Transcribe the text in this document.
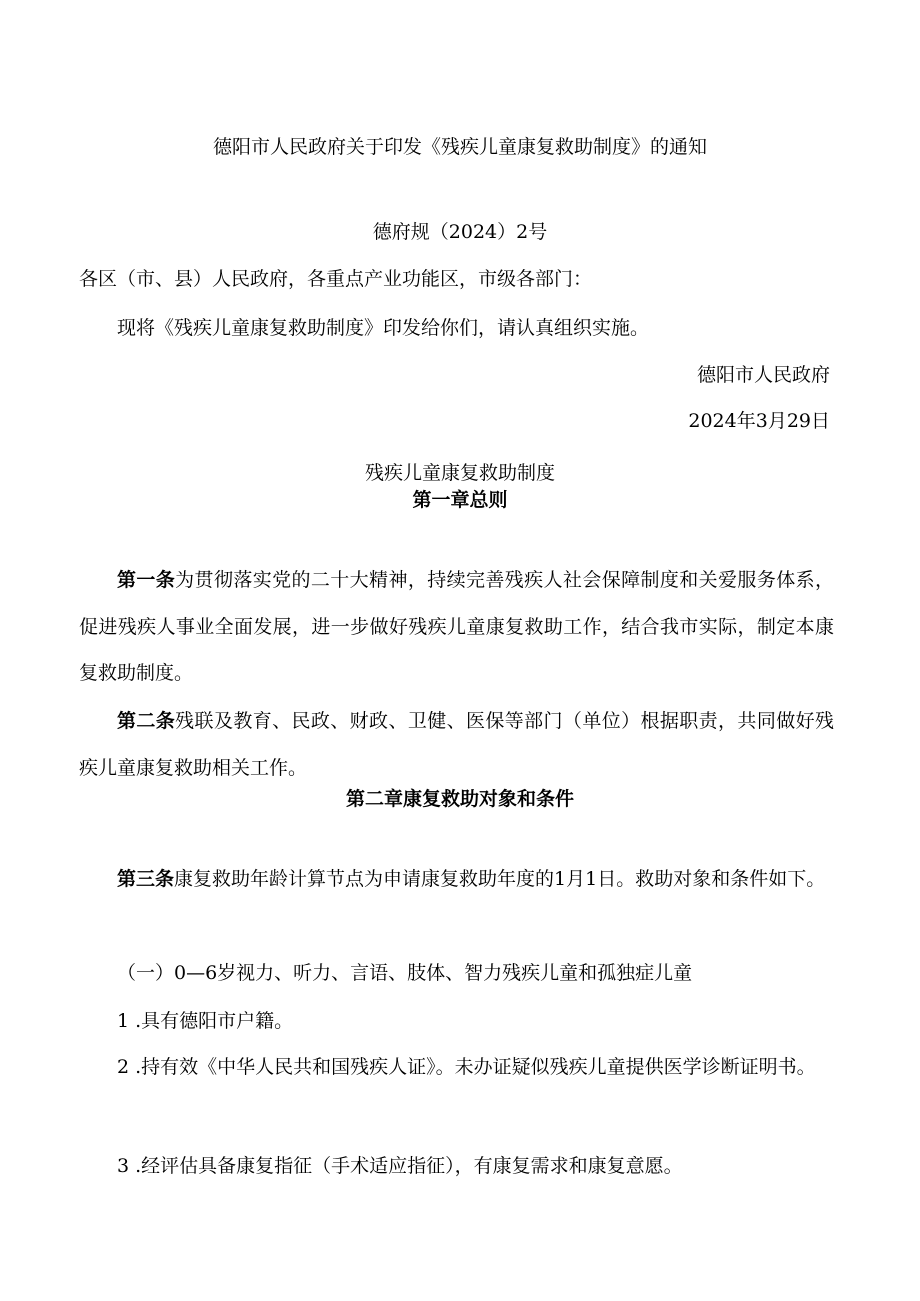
德阳市人民政府关于印发《残疾儿童康复救助制度》的通知
德府规（2024）2号
各区（市、县）人民政府，各重点产业功能区，市级各部门：
现将《残疾儿童康复救助制度》印发给你们，请认真组织实施。
德阳市人民政府
2024年3月29日
残疾儿童康复救助制度
第一章总则
第一条为贯彻落实党的二十大精神，持续完善残疾人社会保障制度和关爱服务体系，促进残疾人事业全面发展，进一步做好残疾儿童康复救助工作，结合我市实际，制定本康复救助制度。
第二条残联及教育、民政、财政、卫健、医保等部门（单位）根据职责，共同做好残疾儿童康复救助相关工作。
第二章康复救助对象和条件
第三条康复救助年龄计算节点为申请康复救助年度的1月1日。救助对象和条件如下。
（一）0—6岁视力、听力、言语、肢体、智力残疾儿童和孤独症儿童
1 .具有德阳市户籍。
2 .持有效《中华人民共和国残疾人证》。未办证疑似残疾儿童提供医学诊断证明书。
3 .经评估具备康复指征（手术适应指征），有康复需求和康复意愿。
